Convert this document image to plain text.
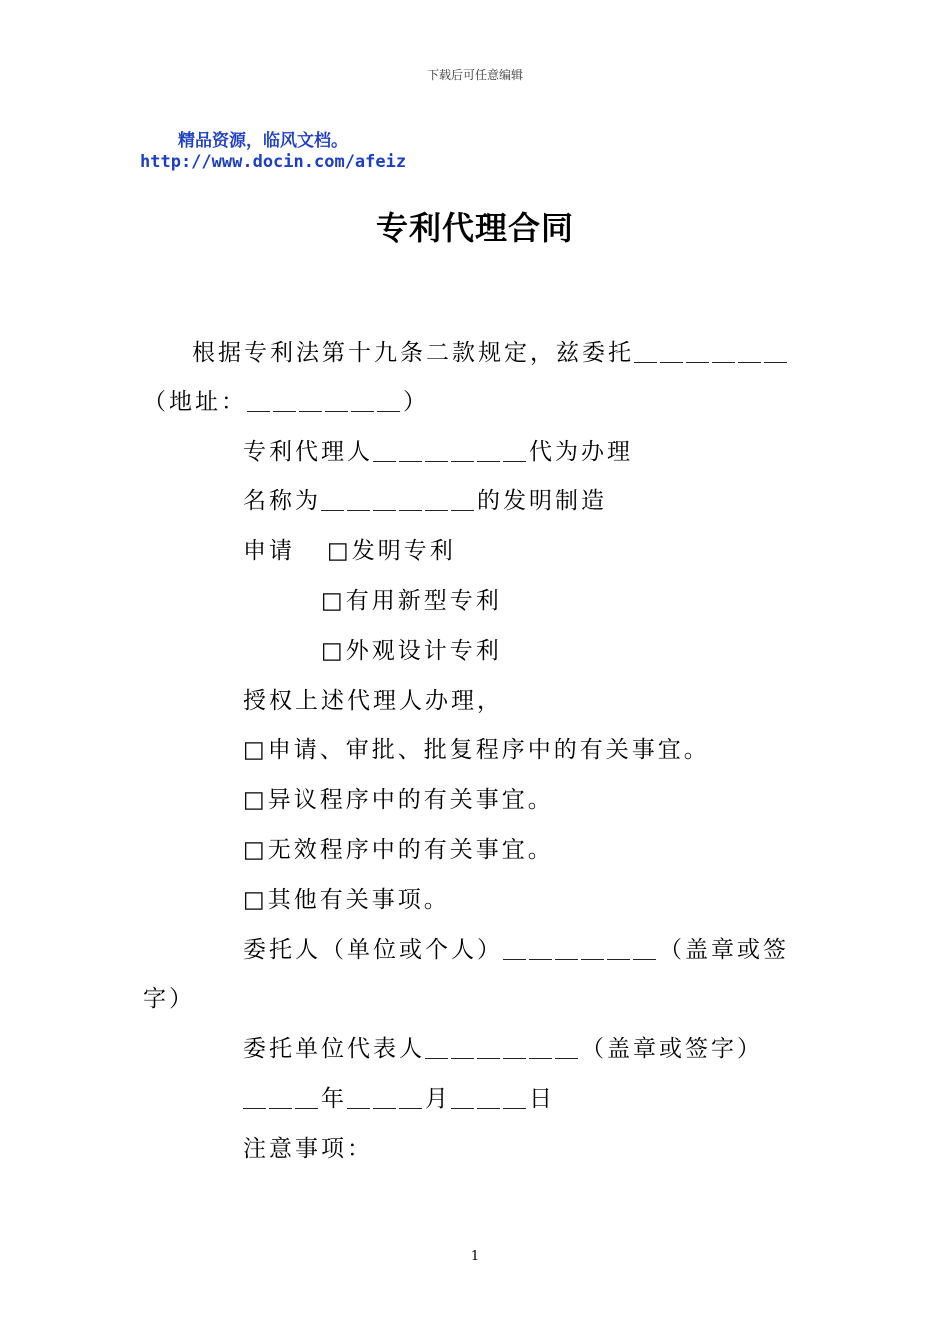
下载后可任意编辑
精品资源，临风文档。
http://www.docin.com/afeiz
专利代理合同
根据专利法第十九条二款规定，兹委托＿＿＿＿＿＿
（地址：＿＿＿＿＿＿）
专利代理人＿＿＿＿＿＿代为办理
名称为＿＿＿＿＿＿的发明制造
申请 □发明专利
□有用新型专利
□外观设计专利
授权上述代理人办理，
□申请、审批、批复程序中的有关事宜。
□异议程序中的有关事宜。
□无效程序中的有关事宜。
□其他有关事项。
委托人（单位或个人）＿＿＿＿＿＿（盖章或签
字）
委托单位代表人＿＿＿＿＿＿（盖章或签字）
＿＿＿年＿＿＿月＿＿＿日
注意事项：
1
